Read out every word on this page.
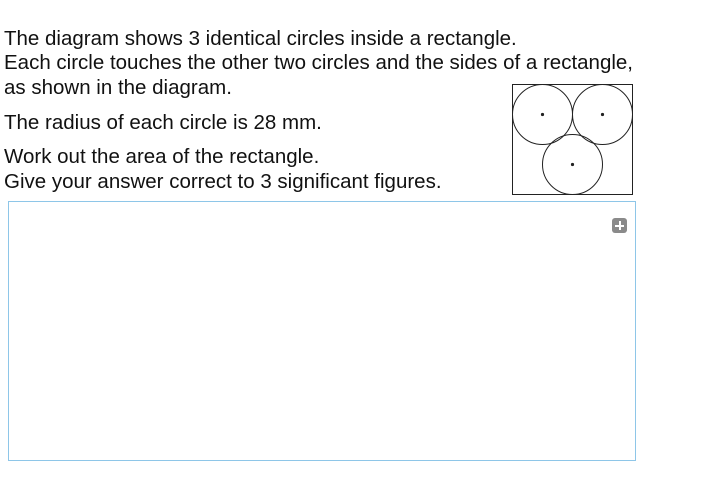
The diagram shows 3 identical circles inside a rectangle.
Each circle touches the other two circles and the sides of a rectangle,
as shown in the diagram.
The radius of each circle is 28 mm.
Work out the area of the rectangle.
Give your answer correct to 3 significant figures.
